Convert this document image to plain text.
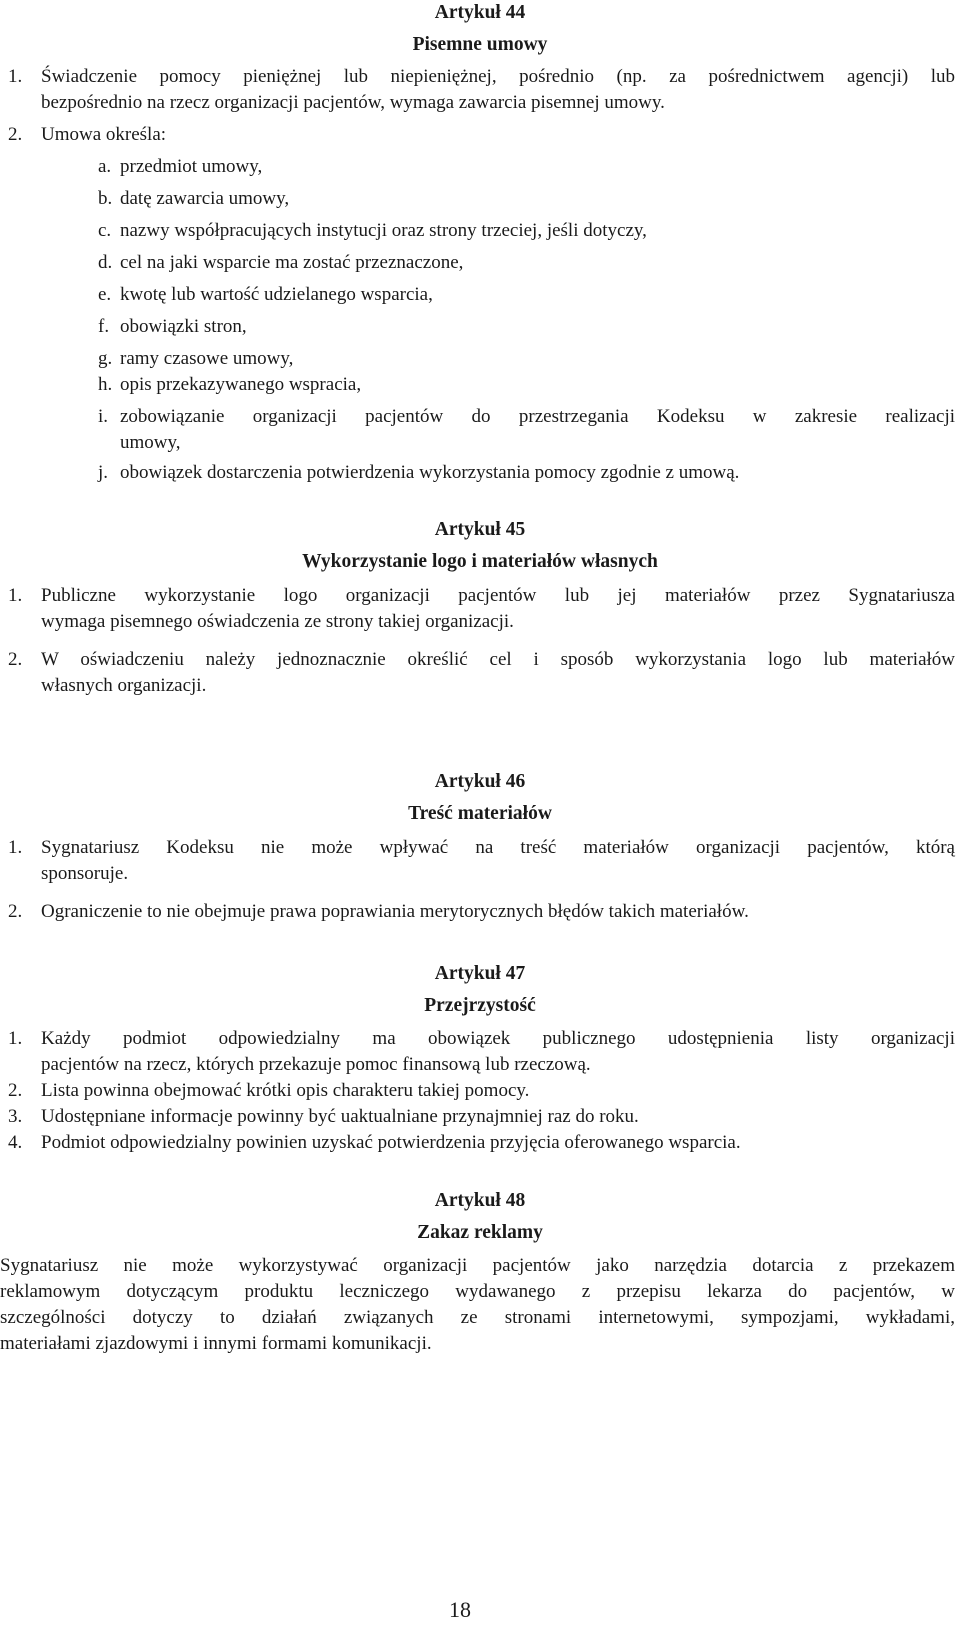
Artykuł 44
Pisemne umowy
1. Świadczenie pomocy pieniężnej lub niepieniężnej, pośrednio (np. za pośrednictwem agencji) lub
bezpośrednio na rzecz organizacji pacjentów, wymaga zawarcia pisemnej umowy.
2. Umowa określa:
a. przedmiot umowy,
b. datę zawarcia umowy,
c. nazwy współpracujących instytucji oraz strony trzeciej, jeśli dotyczy,
d. cel na jaki wsparcie ma zostać przeznaczone,
e. kwotę lub wartość udzielanego wsparcia,
f. obowiązki stron,
g. ramy czasowe umowy,
h. opis przekazywanego wspracia,
i. zobowiązanie organizacji pacjentów do przestrzegania Kodeksu w zakresie realizacji
umowy,
j. obowiązek dostarczenia potwierdzenia wykorzystania pomocy zgodnie z umową.
Artykuł 45
Wykorzystanie logo i materiałów własnych
1. Publiczne wykorzystanie logo organizacji pacjentów lub jej materiałów przez Sygnatariusza
wymaga pisemnego oświadczenia ze strony takiej organizacji.
2. W oświadczeniu należy jednoznacznie określić cel i sposób wykorzystania logo lub materiałów
własnych organizacji.
Artykuł 46
Treść materiałów
1. Sygnatariusz Kodeksu nie może wpływać na treść materiałów organizacji pacjentów, którą
sponsoruje.
2. Ograniczenie to nie obejmuje prawa poprawiania merytorycznych błędów takich materiałów.
Artykuł 47
Przejrzystość
1. Każdy podmiot odpowiedzialny ma obowiązek publicznego udostępnienia listy organizacji
pacjentów na rzecz, których przekazuje pomoc finansową lub rzeczową.
2. Lista powinna obejmować krótki opis charakteru takiej pomocy.
3. Udostępniane informacje powinny być uaktualniane przynajmniej raz do roku.
4. Podmiot odpowiedzialny powinien uzyskać potwierdzenia przyjęcia oferowanego wsparcia.
Artykuł 48
Zakaz reklamy
Sygnatariusz nie może wykorzystywać organizacji pacjentów jako narzędzia dotarcia z przekazem
reklamowym dotyczącym produktu leczniczego wydawanego z przepisu lekarza do pacjentów, w
szczególności dotyczy to działań związanych ze stronami internetowymi, sympozjami, wykładami,
materiałami zjazdowymi i innymi formami komunikacji.
18
